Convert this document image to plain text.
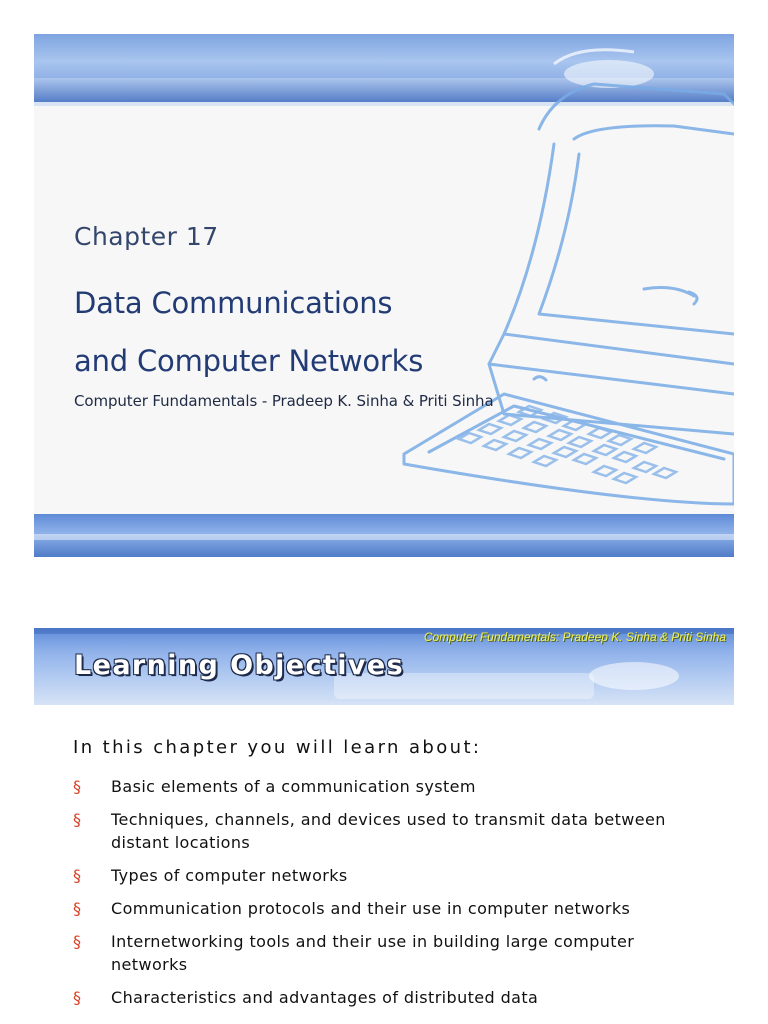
Chapter 17
Data Communications
and Computer Networks
Computer Fundamentals - Pradeep K. Sinha & Priti Sinha
Computer Fundamentals: Pradeep K. Sinha & Priti Sinha
Learning Objectives
In this chapter you will learn about:
§ Basic elements of a communication system
§ Techniques, channels, and devices used to transmit data between distant locations
§ Types of computer networks
§ Communication protocols and their use in computer networks
§ Internetworking tools and their use in building large computer networks
§ Characteristics and advantages of distributed data
